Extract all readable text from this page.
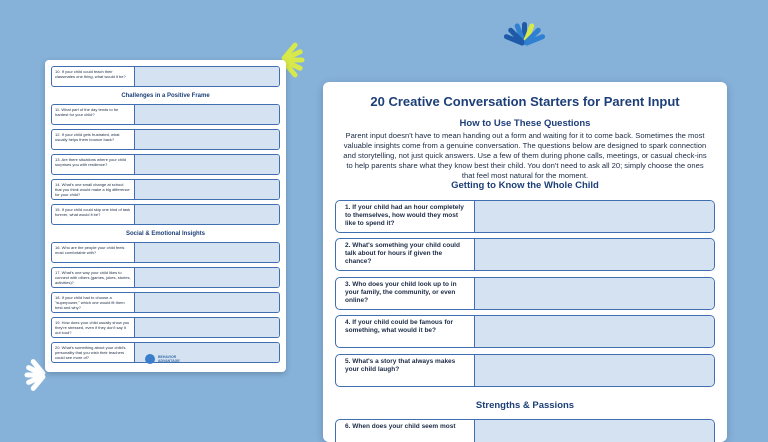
10. If your child could teach their classmates one thing, what would it be?
Challenges in a Positive Frame
11. What part of the day tends to be hardest for your child?
12. If your child gets frustrated, what usually helps them bounce back?
13. Are there situations where your child surprises you with resilience?
14. What's one small change at school that you think would make a big difference for your child?
15. If your child could skip one kind of task forever, what would it be?
Social & Emotional Insights
16. Who are the people your child feels most comfortable with?
17. What's one way your child likes to connect with others (games, jokes, stories, activities)?
18. If your child had to choose a "superpower," which one would fit them best and why?
19. How does your child usually show you they're stressed, even if they don't say it out loud?
20. What's something about your child's personality that you wish their teachers could see more of?	BEHAVIOR
ADVANTAGE
20 Creative Conversation Starters for Parent Input
How to Use These Questions
Parent input doesn't have to mean handing out a form and waiting for it to come back. Sometimes the most valuable insights come from a genuine conversation. The questions below are designed to spark connection and storytelling, not just quick answers. Use a few of them during phone calls, meetings, or casual check-ins to help parents share what they know best their child. You don't need to ask all 20; simply choose the ones that feel most natural for the moment.
Getting to Know the Whole Child
1. If your child had an hour completely to themselves, how would they most like to spend it?
2. What's something your child could talk about for hours if given the chance?
3. Who does your child look up to in your family, the community, or even online?
4. If your child could be famous for something, what would it be?
5. What's a story that always makes your child laugh?
Strengths & Passions
6. When does your child seem most
